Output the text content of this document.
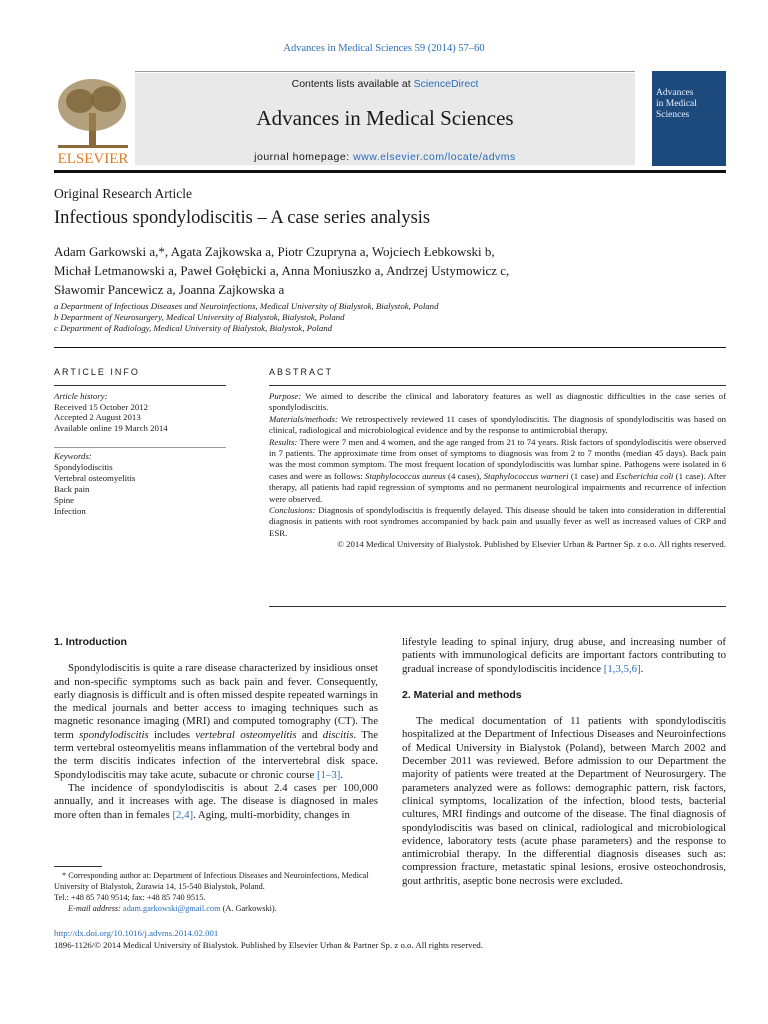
Advances in Medical Sciences 59 (2014) 57–60
ELSEVIER
Contents lists available at ScienceDirect
Advances in Medical Sciences
journal homepage: www.elsevier.com/locate/advms
Advances
in Medical
Sciences
Original Research Article
Infectious spondylodiscitis – A case series analysis
Adam Garkowski a,*, Agata Zajkowska a, Piotr Czupryna a, Wojciech Łebkowski b,
Michał Letmanowski a, Paweł Gołębicki a, Anna Moniuszko a, Andrzej Ustymowicz c,
Sławomir Pancewicz a, Joanna Zajkowska a
a Department of Infectious Diseases and Neuroinfections, Medical University of Bialystok, Bialystok, Poland
b Department of Neurosurgery, Medical University of Bialystok, Bialystok, Poland
c Department of Radiology, Medical University of Bialystok, Bialystok, Poland
ARTICLE INFO	ABSTRACT
Article history:
Received 15 October 2012
Accepted 2 August 2013
Available online 19 March 2014
Keywords:
Spondylodiscitis
Vertebral osteomyelitis
Back pain
Spine
Infection

Purpose: We aimed to describe the clinical and laboratory features as well as diagnostic difficulties in the case series of spondylodiscitis.

Materials/methods: We retrospectively reviewed 11 cases of spondylodiscitis. The diagnosis of spondylodiscitis was based on clinical, radiological and microbiological evidence and by the response to antimicrobial therapy.

Results: There were 7 men and 4 women, and the age ranged from 21 to 74 years. Risk factors of spondylodiscitis were observed in 7 patients. The approximate time from onset of symptoms to diagnosis was from 2 to 7 months (median 45 days). Back pain was the most common symptom. The most frequent location of spondylodiscitis was lumbar spine. Pathogens were isolated in 6 cases and were as follows: Staphylococcus aureus (4 cases), Staphylococcus warneri (1 case) and Escherichia coli (1 case). After therapy, all patients had rapid regression of symptoms and no permanent neurological impairments and recurrence of infection were observed.

Conclusions: Diagnosis of spondylodiscitis is frequently delayed. This disease should be taken into consideration in differential diagnosis in patients with root syndromes accompanied by back pain and usually fever as well as increased values of CRP and ESR.

© 2014 Medical University of Bialystok. Published by Elsevier Urban & Partner Sp. z o.o. All rights reserved.

1. Introduction

Spondylodiscitis is quite a rare disease characterized by insidious onset and non-specific symptoms such as back pain and fever. Consequently, early diagnosis is difficult and is often missed despite repeated warnings in the medical journals and better access to imaging techniques such as magnetic resonance imaging (MRI) and computed tomography (CT). The term spondylodiscitis includes vertebral osteomyelitis and discitis. The term vertebral osteomyelitis means inflammation of the vertebral body and the term discitis indicates infection of the intervertebral disk space. Spondylodiscitis may take acute, subacute or chronic course [1–3].

The incidence of spondylodiscitis is about 2.4 cases per 100,000 annually, and it increases with age. The disease is diagnosed in males more often than in females [2,4]. Aging, multi-morbidity, changes in

lifestyle leading to spinal injury, drug abuse, and increasing number of patients with immunological deficits are important factors contributing to gradual increase of spondylodiscitis incidence [1,3,5,6].

2. Material and methods

The medical documentation of 11 patients with spondylodiscitis hospitalized at the Department of Infectious Diseases and Neuroinfections of Medical University in Bialystok (Poland), between March 2002 and December 2011 was reviewed. Before admission to our Department the majority of patients were treated at the Department of Neurosurgery. The parameters analyzed were as follows: demographic pattern, risk factors, clinical symptoms, localization of the infection, blood tests, bacterial cultures, MRI findings and outcome of the disease. The final diagnosis of spondylodiscitis was based on clinical, radiological and microbiological evidence, laboratory tests (acute phase parameters) and the response to antimicrobial therapy. In the differential diagnosis diseases such as: compression fracture, metastatic spinal lesions, erosive osteochondrosis, gout arthritis, aseptic bone necrosis were excluded.

* Corresponding author at: Department of Infectious Diseases and Neuroinfections, Medical University of Bialystok, Żurawia 14, 15-540 Bialystok, Poland.
Tel.: +48 85 740 9514; fax: +48 85 740 9515.
E-mail address: adam.garkowski@gmail.com (A. Garkowski).
http://dx.doi.org/10.1016/j.advms.2014.02.001
1896-1126/© 2014 Medical University of Bialystok. Published by Elsevier Urban & Partner Sp. z o.o. All rights reserved.
